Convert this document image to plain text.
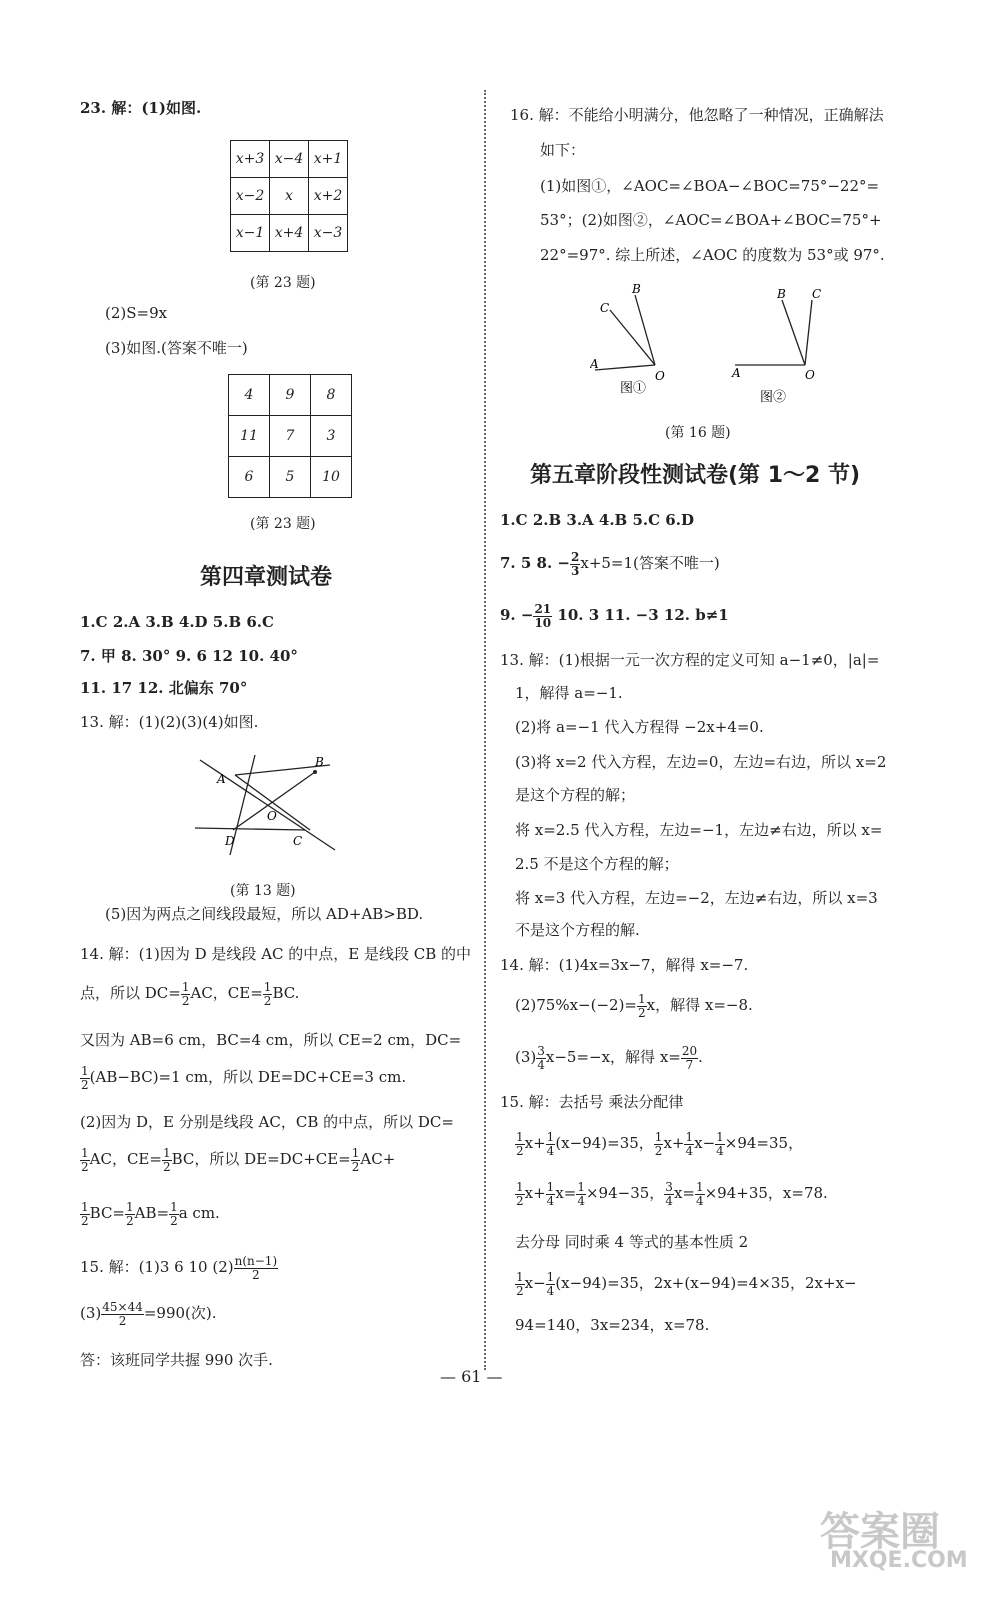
23. 解：(1)如图.
x+3	x−4	x+1
x−2	x	x+2
x−1	x+4	x−3
(第 23 题)
(2)S=9x
(3)如图.(答案不唯一)
4	9	8
11	7	3
6	5	10
(第 23 题)
第四章测试卷
1.C 2.A 3.B 4.D 5.B 6.C
7. 甲 8. 30° 9. 6 12 10. 40°
11. 17 12. 北偏东 70°
13. 解：(1)(2)(3)(4)如图.
B
A
O
D	C
(第 13 题)
(5)因为两点之间线段最短，所以 AD+AB>BD.
14. 解：(1)因为 D 是线段 AC 的中点，E 是线段 CB 的中
点，所以 $DC= \frac{1}{2}$ AC，$CE= \frac{1}{2}$ BC.
又因为 AB=6 cm，BC=4 cm，所以 CE=2 cm，DC=
$\frac{1}{2} (AB-BC)=1$ cm，所以 DE=DC+CE=3 cm.
(2)因为 D，E 分别是线段 AC，CB 的中点，所以 DC=
$\frac{1}{2}$ AC，$CE= \frac{1}{2}$ BC，所以 $DE=DC+CE= \frac{1}{2} AC+$
$\frac{1}{2} BC= \frac{1}{2} AB= \frac{1}{2}$ a cm.
15. 解：(1)3 6 10 $(2) \frac{n(n-1)}{2}$
$(3) \frac{45\times 44}{2} =990$(次).
答：该班同学共握 990 次手.
16. 解：不能给小明满分，他忽略了一种情况，正确解法
如下：
(1)如图①，∠AOC=∠BOA−∠BOC=75°−22°=
53°；(2)如图②，∠AOC=∠BOA+∠BOC=75°+
22°=97°. 综上所述，∠AOC 的度数为 53°或 97°.
B
C
A
O
图①
B C
A	O
图②
(第 16 题)
第五章阶段性测试卷(第 1～2 节)
1.C 2.B 3.A 4.B 5.C 6.D
7. 5 8. − $\frac{2}{3} x+5=1$(答案不唯一)
9. − $\frac{21}{10} 10$. 3 11. −3 12. b≠1
13. 解：(1)根据一元一次方程的定义可知 a−1≠0，|a|=
1，解得 a=−1.
(2)将 a=−1 代入方程得 −2x+4=0.
(3)将 x=2 代入方程，左边=0，左边=右边，所以 x=2
是这个方程的解；
将 x=2.5 代入方程，左边=−1，左边≠右边，所以 x=
2.5 不是这个方程的解；
将 x=3 代入方程，左边=−2，左边≠右边，所以 x=3
不是这个方程的解.
14. 解：(1)4x=3x−7，解得 x=−7.
$(2)75\%x-(-2)= \frac{1}{2}$ x，解得 x=−8.
$(3) \frac{3}{4} x-5=-x$，解得 $x= \frac{20}{7}$ .
15. 解：去括号 乘法分配律
$\frac{1}{2} x+ \frac{1}{4} (x-94)=35$， $\frac{1}{2} x+ \frac{1}{4} x- \frac{1}{4} \times 94=35$，
$\frac{1}{2} x+ \frac{1}{4} x= \frac{1}{4} \times 94-35$， $\frac{3}{4} x= \frac{1}{4} \times 94+35$，x=78.
去分母 同时乘 4 等式的基本性质 2
$\frac{1}{2} x- \frac{1}{4} (x-94)=35$，2x+(x−94)=4×35，2x+x−
94=140，3x=234，x=78.
— 61 —
答案圈
MXQE.COM
